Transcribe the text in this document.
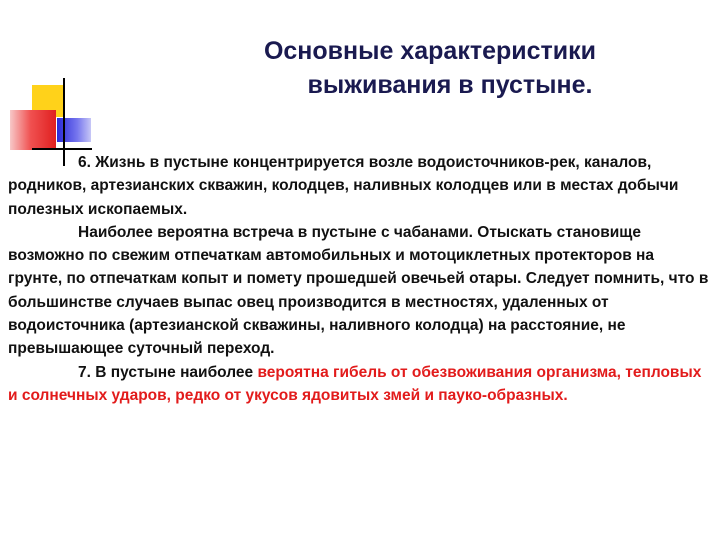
Основные характеристики

выживания в пустыне.

6. Жизнь в пустыне концентрируется возле водоисточников-рек, каналов, родников, артезианских скважин, колодцев, наливных колодцев или в местах добычи полезных ископаемых.

Наиболее вероятна встреча в пустыне с чабанами. Отыскать становище возможно по свежим отпечаткам автомобильных и мотоциклетных протекторов на грунте, по отпечаткам копыт и помету прошедшей овечьей отары. Следует помнить, что в большинстве случаев выпас овец производится в местностях, удаленных от водоисточника (артезианской скважины, наливного колодца) на расстояние, не превышающее суточный переход.

7. В пустыне наиболее вероятна гибель от обезвоживания организма, тепловых и солнечных ударов, редко от укусов ядовитых змей и пауко-образных.
